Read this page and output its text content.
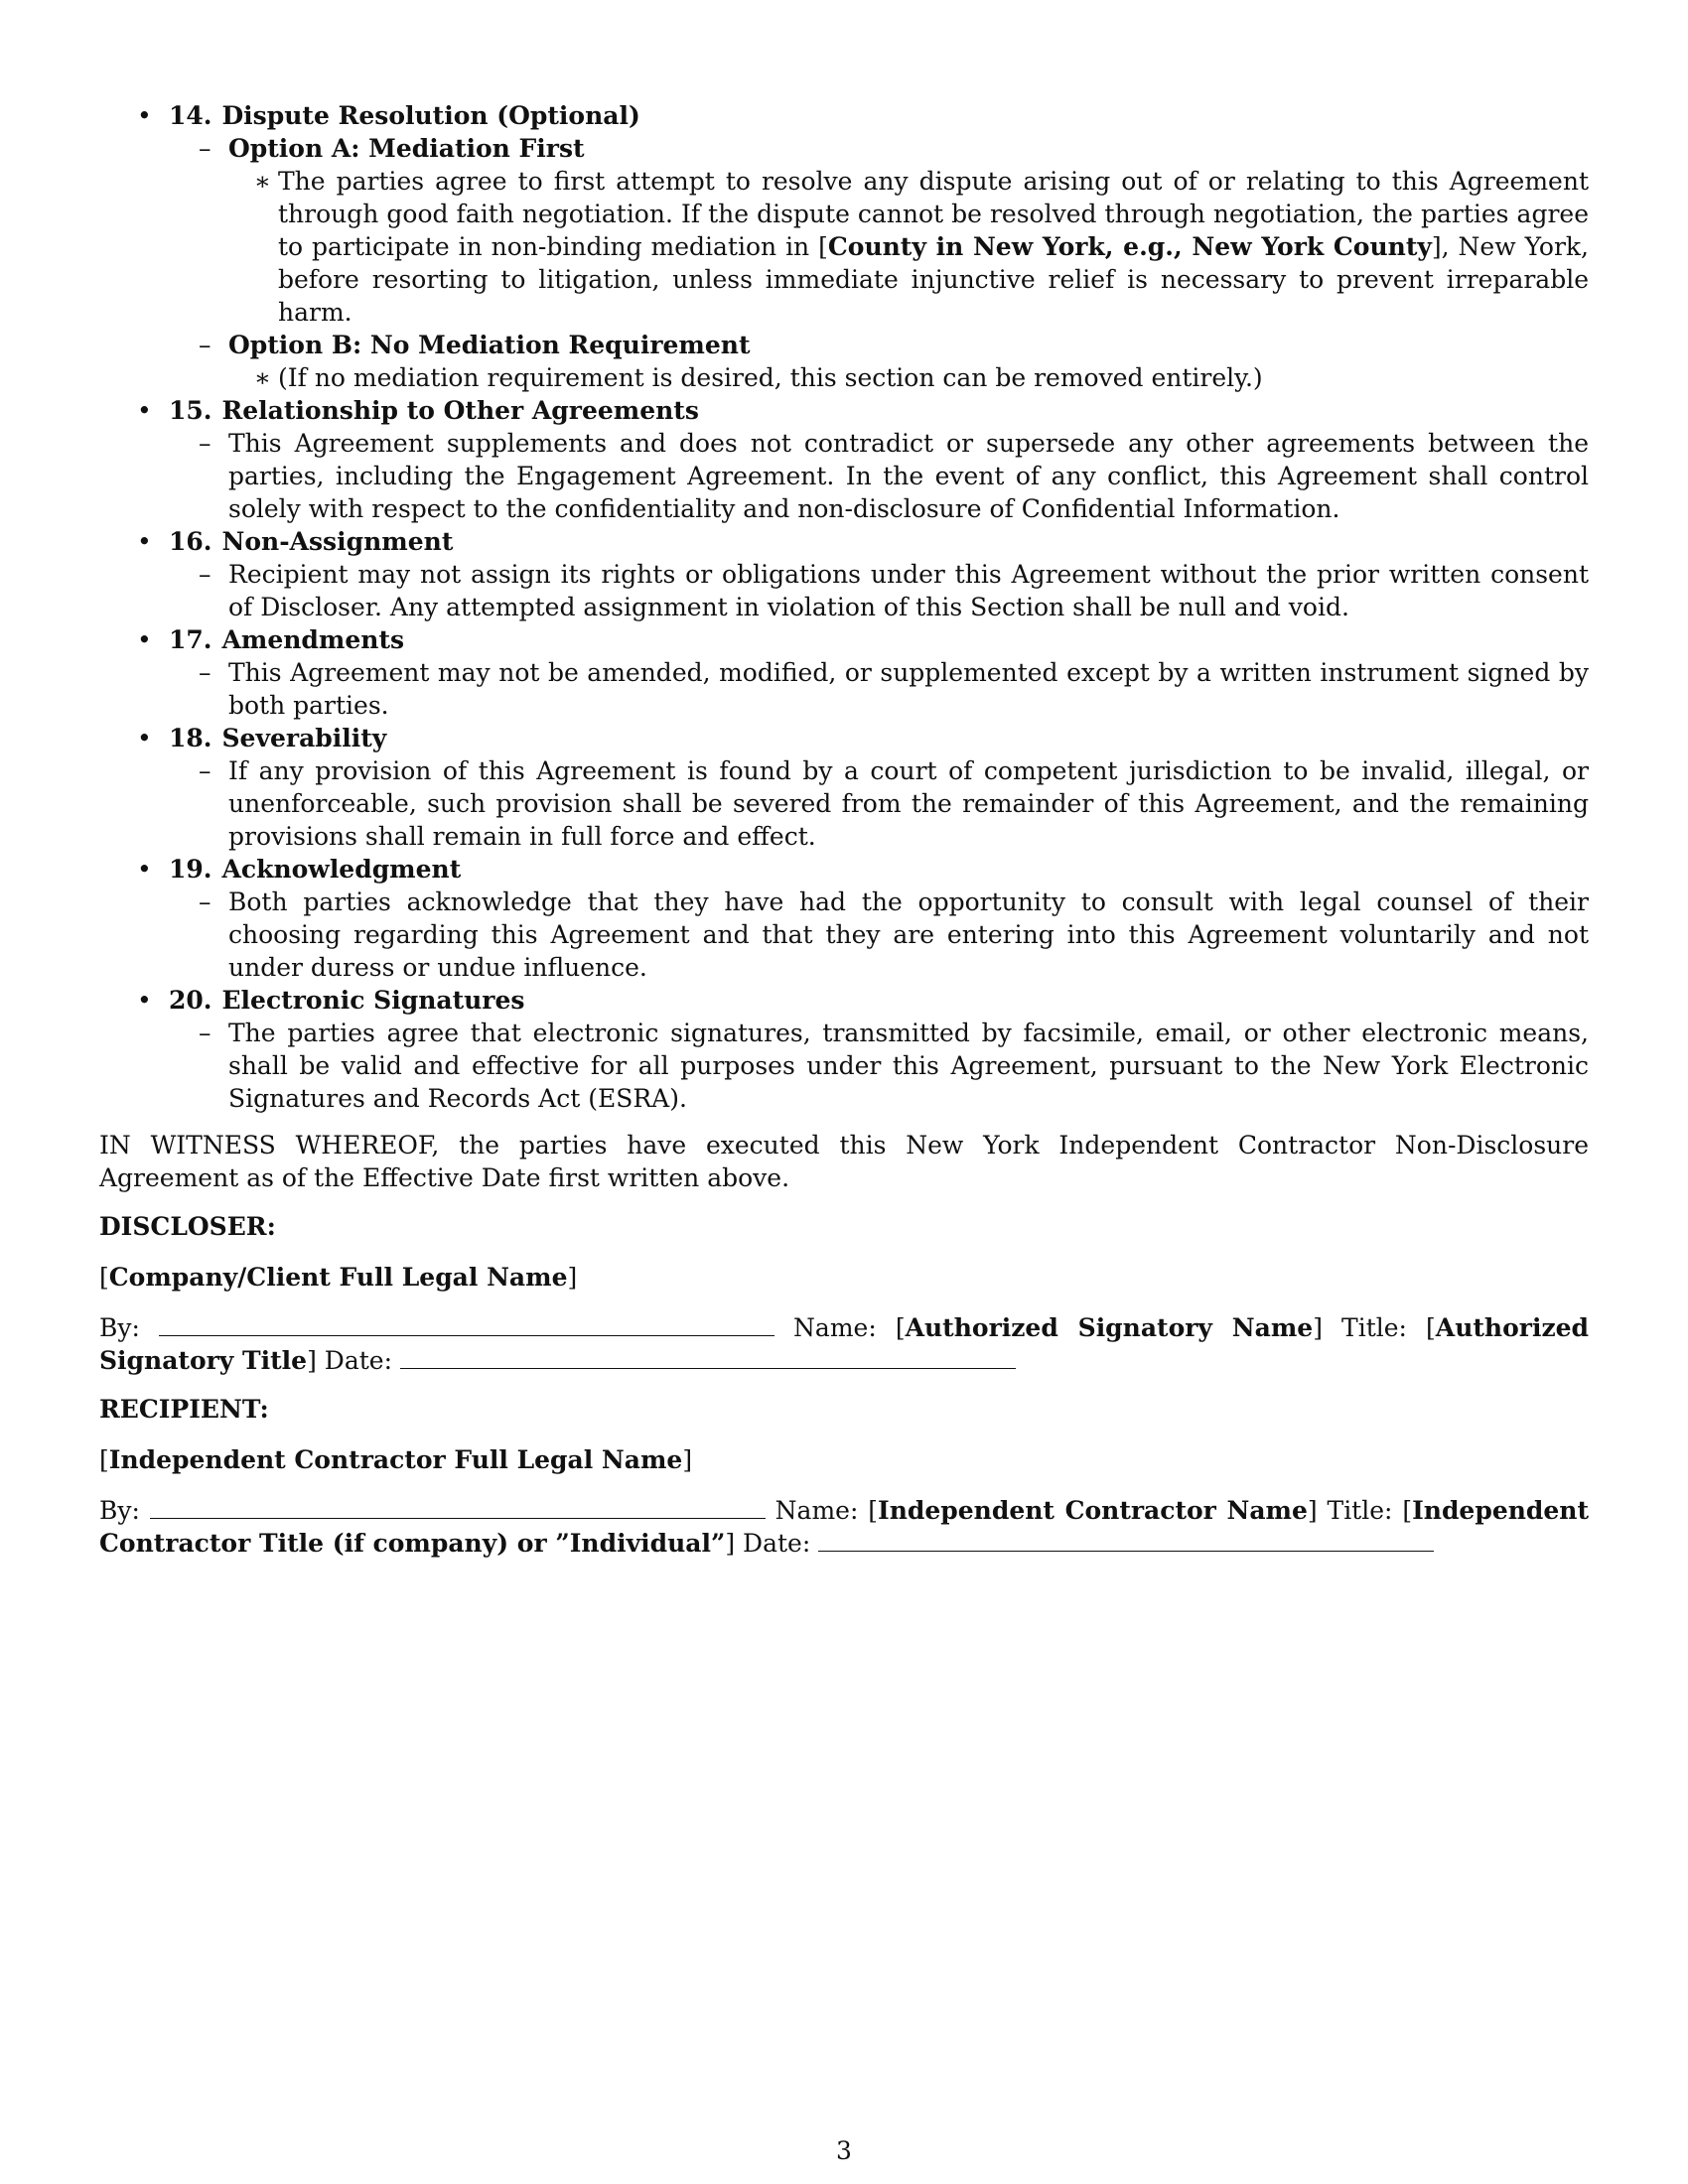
• 14. Dispute Resolution (Optional)
– Option A: Mediation First
∗ The parties agree to first attempt to resolve any dispute arising out of or relating to this Agreement through good faith negotiation. If the dispute cannot be resolved through negotiation, the parties agree to participate in non-binding mediation in [County in New York, e.g., New York County], New York, before resorting to litigation, unless immediate injunctive relief is necessary to prevent irreparable harm.
– Option B: No Mediation Requirement
∗ (If no mediation requirement is desired, this section can be removed entirely.)
• 15. Relationship to Other Agreements
– This Agreement supplements and does not contradict or supersede any other agreements between the parties, including the Engagement Agreement. In the event of any conflict, this Agreement shall control solely with respect to the confidentiality and non-disclosure of Confidential Information.
• 16. Non-Assignment
– Recipient may not assign its rights or obligations under this Agreement without the prior written consent of Discloser. Any attempted assignment in violation of this Section shall be null and void.
• 17. Amendments
– This Agreement may not be amended, modified, or supplemented except by a written instrument signed by both parties.
• 18. Severability
– If any provision of this Agreement is found by a court of competent jurisdiction to be invalid, illegal, or unenforceable, such provision shall be severed from the remainder of this Agreement, and the remaining provisions shall remain in full force and effect.
• 19. Acknowledgment
– Both parties acknowledge that they have had the opportunity to consult with legal counsel of their choosing regarding this Agreement and that they are entering into this Agreement voluntarily and not under duress or undue influence.
• 20. Electronic Signatures
– The parties agree that electronic signatures, transmitted by facsimile, email, or other electronic means, shall be valid and effective for all purposes under this Agreement, pursuant to the New York Electronic Signatures and Records Act (ESRA).

IN WITNESS WHEREOF, the parties have executed this New York Independent Contractor Non-Disclosure Agreement as of the Effective Date first written above.

DISCLOSER:

[Company/Client Full Legal Name]

By:	Name: [Authorized Signatory Name] Title: [Authorized Signatory Title] Date:

RECIPIENT:

[Independent Contractor Full Legal Name]

By:	Name: [Independent Contractor Name] Title: [Independent Contractor Title (if company) or ”Individual”] Date:

3
